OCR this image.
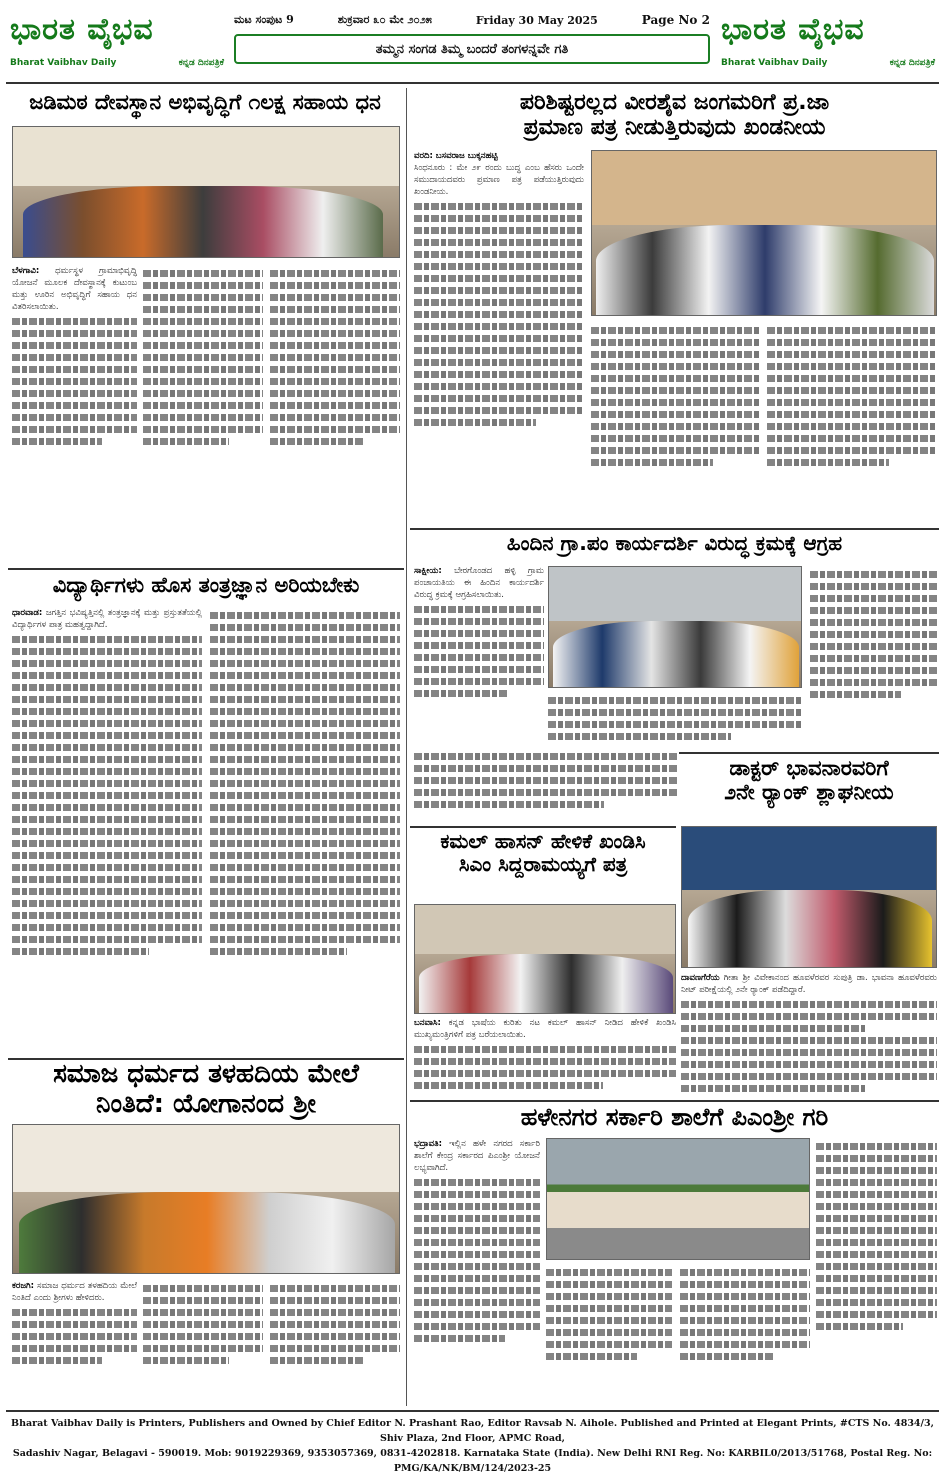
ಭಾರತ ವೈಭವ
Bharat Vaibhav Daily	ಕನ್ನಡ ದಿನಪತ್ರಿಕೆ
ಮಟ ಸಂಪುಟ 9	ಶುಕ್ರವಾರ ೩೦ ಮೇ ೨೦೨೫	Friday 30 May 2025	Page No 2
ತಮ್ಮನ ಸಂಗಡ ತಿಮ್ಮ ಬಂದರೆ ತಂಗಳನ್ನವೇ ಗತಿ
ಭಾರತ ವೈಭವ
Bharat Vaibhav Daily	ಕನ್ನಡ ದಿನಪತ್ರಿಕೆ
ಜಡಿಮಠ ದೇವಸ್ಥಾನ ಅಭಿವೃದ್ಧಿಗೆ ೧ಲಕ್ಷ ಸಹಾಯ ಧನ
ಬೆಳಗಾವಿ: ಧರ್ಮಸ್ಥಳ ಗ್ರಾಮಾಭಿವೃದ್ಧಿ ಯೋಜನೆ ಮೂಲಕ ದೇವಸ್ಥಾನಕ್ಕೆ ಕುಟುಂಬ ಮತ್ತು ಊರಿನ ಅಭಿವೃದ್ಧಿಗೆ ಸಹಾಯ ಧನ ವಿತರಿಸಲಾಯಿತು.
ವಿದ್ಯಾರ್ಥಿಗಳು ಹೊಸ ತಂತ್ರಜ್ಞಾನ ಅರಿಯಬೇಕು
ಧಾರವಾಡ: ಜಗತ್ತಿನ ಭವಿಷ್ಯತ್ತಿನಲ್ಲಿ ತಂತ್ರಜ್ಞಾನಕ್ಕೆ ಮತ್ತು ಪ್ರಸ್ತುತತೆಯಲ್ಲಿ ವಿದ್ಯಾರ್ಥಿಗಳ ಪಾತ್ರ ಮಹತ್ವದ್ದಾಗಿದೆ.
ಸಮಾಜ ಧರ್ಮದ ತಳಹದಿಯ ಮೇಲೆ
ನಿಂತಿದೆ: ಯೋಗಾನಂದ ಶ್ರೀ
ಕರಜಗಿ: ಸಮಾಜ ಧರ್ಮದ ತಳಹದಿಯ ಮೇಲೆ ನಿಂತಿದೆ ಎಂದು ಶ್ರೀಗಳು ಹೇಳಿದರು.
ಪರಿಶಿಷ್ಟರಲ್ಲದ ವೀರಶೈವ ಜಂಗಮರಿಗೆ ಪ್ರ.ಜಾ
ಪ್ರಮಾಣ ಪತ್ರ ನೀಡುತ್ತಿರುವುದು ಖಂಡನೀಯ
ವರದಿ: ಬಸವರಾಜ ಬುಕ್ಕನಹಟ್ಟಿ
ಸಿಂಧನೂರು : ಮೇ ೨೯ ರಂದು ಬುದ್ಧ ಎಂಬ ಹೆಸರು ಒಂದೇ ಸಮುದಾಯದವರು ಪ್ರಮಾಣ ಪತ್ರ ಪಡೆಯುತ್ತಿರುವುದು ಖಂಡನೀಯ.
ಹಿಂದಿನ ಗ್ರಾ.ಪಂ ಕಾರ್ಯದರ್ಶಿ ವಿರುದ್ಧ ಕ್ರಮಕ್ಕೆ ಆಗ್ರಹ
ಸಾಕ್ಷೀಯ: ಬೇರಗೊಂಡದ ಹಳ್ಳಿ ಗ್ರಾಮ ಪಂಚಾಯತಿಯ ಈ ಹಿಂದಿನ ಕಾರ್ಯದರ್ಶಿ ವಿರುದ್ಧ ಕ್ರಮಕ್ಕೆ ಆಗ್ರಹಿಸಲಾಯಿತು.
ಡಾಕ್ಟರ್ ಭಾವನಾರವರಿಗೆ
೨ನೇ ರ್‍ಯಾಂಕ್ ಶ್ಲಾಘನೀಯ
ಕಮಲ್ ಹಾಸನ್ ಹೇಳಿಕೆ ಖಂಡಿಸಿ
ಸಿಎಂ ಸಿದ್ದರಾಮಯ್ಯಗೆ ಪತ್ರ
ದಾವಣಗೆರೆಯ ಗೀತಾ ಶ್ರೀ ವಿವೇಕಾನಂದ ಹೂವಳೆರವರ ಸುಪುತ್ರಿ ಡಾ. ಭಾವನಾ ಹೂವಳೆರವರು ನೀಟ್ ಪರೀಕ್ಷೆಯಲ್ಲಿ ೨ನೇ ರ್‍ಯಾಂಕ್ ಪಡೆದಿದ್ದಾರೆ.
ಬನವಾಸಿ: ಕನ್ನಡ ಭಾಷೆಯ ಕುರಿತು ನಟ ಕಮಲ್ ಹಾಸನ್ ನೀಡಿದ ಹೇಳಿಕೆ ಖಂಡಿಸಿ ಮುಖ್ಯಮಂತ್ರಿಗಳಿಗೆ ಪತ್ರ ಬರೆಯಲಾಯಿತು.
ಹಳೇನಗರ ಸರ್ಕಾರಿ ಶಾಲೆಗೆ ಪಿಎಂಶ್ರೀ ಗರಿ
ಭದ್ರಾವತಿ: ಇಲ್ಲಿನ ಹಳೇ ನಗರದ ಸರ್ಕಾರಿ ಶಾಲೆಗೆ ಕೇಂದ್ರ ಸರ್ಕಾರದ ಪಿಎಂಶ್ರೀ ಯೋಜನೆ ಲಭ್ಯವಾಗಿದೆ.
Bharat Vaibhav Daily is Printers, Publishers and Owned by Chief Editor N. Prashant Rao, Editor Ravsab N. Aihole. Published and Printed at Elegant Prints, #CTS No. 4834/3, Shiv Plaza, 2nd Floor, APMC Road,
Sadashiv Nagar, Belagavi - 590019. Mob: 9019229369, 9353057369, 0831-4202818. Karnataka State (India). New Delhi RNI Reg. No: KARBIL0/2013/51768, Postal Reg. No: PMG/KA/NK/BM/124/2023-25
